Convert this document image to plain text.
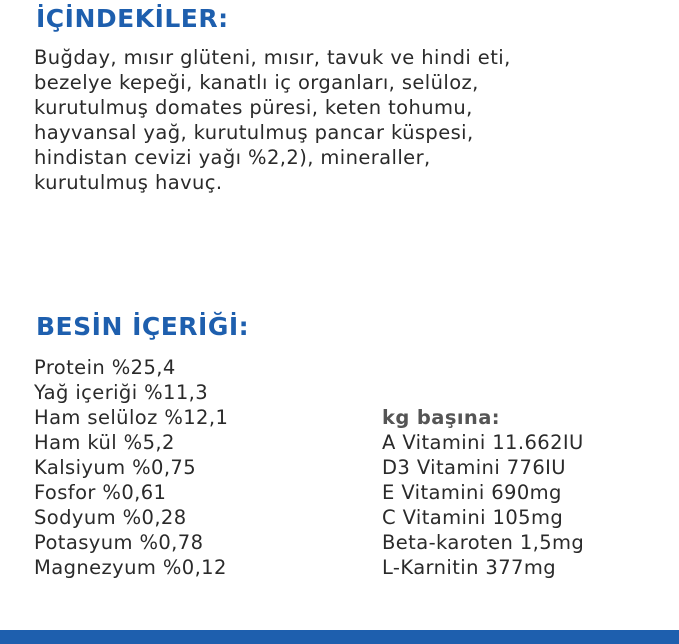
İÇİNDEKİLER:
Buğday, mısır glüteni, mısır, tavuk ve hindi eti,
bezelye kepeği, kanatlı iç organları, selüloz,
kurutulmuş domates püresi, keten tohumu,
hayvansal yağ, kurutulmuş pancar küspesi,
hindistan cevizi yağı %2,2), mineraller,
kurutulmuş havuç.
BESİN İÇERİĞİ:
Protein %25,4
Yağ içeriği %11,3
Ham selüloz %12,1
Ham kül %5,2
Kalsiyum %0,75
Fosfor %0,61
Sodyum %0,28
Potasyum %0,78
Magnezyum %0,12
kg başına:
A Vitamini 11.662IU
D3 Vitamini 776IU
E Vitamini 690mg
C Vitamini 105mg
Beta-karoten 1,5mg
L-Karnitin 377mg
